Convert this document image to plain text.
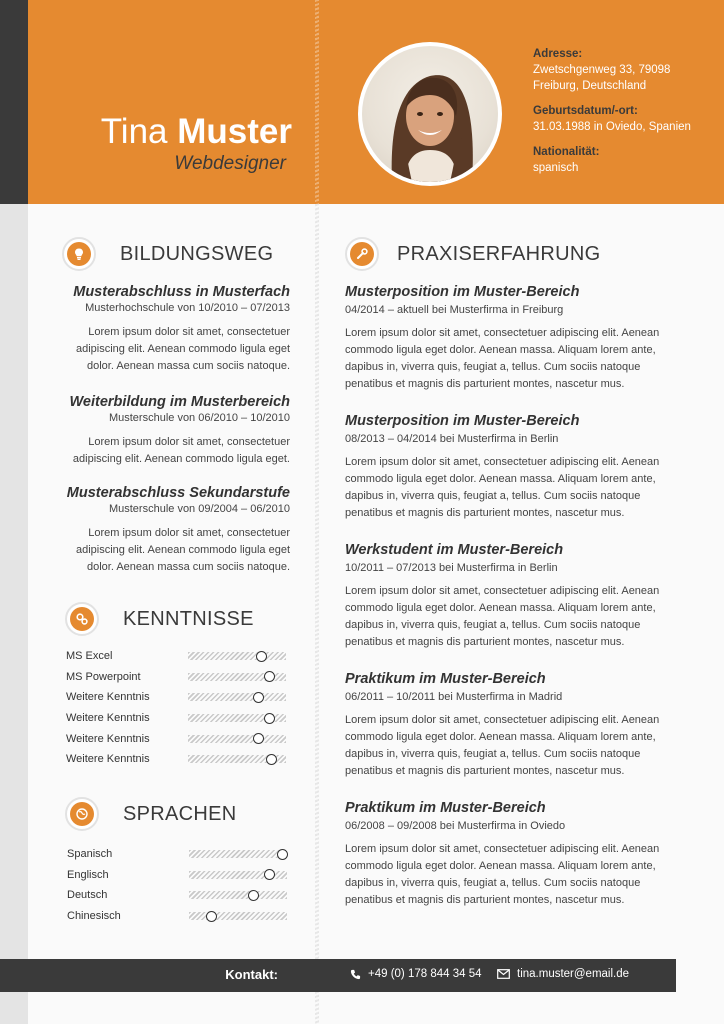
Tina Muster
Webdesigner
Adresse:
Zwetschgenweg 33, 79098 Freiburg, Deutschland
Geburtsdatum/-ort:
31.03.1988 in Oviedo, Spanien
Nationalität:
spanisch
BILDUNGSWEG
Musterabschluss in Musterfach
Musterhochschule von 10/2010 – 07/2013
Lorem ipsum dolor sit amet, consectetuer adipiscing elit. Aenean commodo ligula eget dolor. Aenean massa cum sociis natoque.
Weiterbildung im Musterbereich
Musterschule von 06/2010 – 10/2010
Lorem ipsum dolor sit amet, consectetuer adipiscing elit. Aenean commodo ligula eget.
Musterabschluss Sekundarstufe
Musterschule von 09/2004 – 06/2010
Lorem ipsum dolor sit amet, consectetuer adipiscing elit. Aenean commodo ligula eget dolor. Aenean massa cum sociis natoque.
KENNTNISSE
MS Excel
MS Powerpoint
Weitere Kenntnis
Weitere Kenntnis
Weitere Kenntnis
Weitere Kenntnis
SPRACHEN
Spanisch
Englisch
Deutsch
Chinesisch
PRAXISERFAHRUNG
Musterposition im Muster-Bereich
04/2014 – aktuell bei Musterfirma in Freiburg
Lorem ipsum dolor sit amet, consectetuer adipiscing elit. Aenean commodo ligula eget dolor. Aenean massa. Aliquam lorem ante, dapibus in, viverra quis, feugiat a, tellus. Cum sociis natoque penatibus et magnis dis parturient montes, nascetur mus.
Musterposition im Muster-Bereich
08/2013 – 04/2014 bei Musterfirma in Berlin
Lorem ipsum dolor sit amet, consectetuer adipiscing elit. Aenean commodo ligula eget dolor. Aenean massa. Aliquam lorem ante, dapibus in, viverra quis, feugiat a, tellus. Cum sociis natoque penatibus et magnis dis parturient montes, nascetur mus.
Werkstudent im Muster-Bereich
10/2011 – 07/2013 bei Musterfirma in Berlin
Lorem ipsum dolor sit amet, consectetuer adipiscing elit. Aenean commodo ligula eget dolor. Aenean massa. Aliquam lorem ante, dapibus in, viverra quis, feugiat a, tellus. Cum sociis natoque penatibus et magnis dis parturient montes, nascetur mus.
Praktikum im Muster-Bereich
06/2011 – 10/2011 bei Musterfirma in Madrid
Lorem ipsum dolor sit amet, consectetuer adipiscing elit. Aenean commodo ligula eget dolor. Aenean massa. Aliquam lorem ante, dapibus in, viverra quis, feugiat a, tellus. Cum sociis natoque penatibus et magnis dis parturient montes, nascetur mus.
Praktikum im Muster-Bereich
06/2008 – 09/2008 bei Musterfirma in Oviedo
Lorem ipsum dolor sit amet, consectetuer adipiscing elit. Aenean commodo ligula eget dolor. Aenean massa. Aliquam lorem ante, dapibus in, viverra quis, feugiat a, tellus. Cum sociis natoque penatibus et magnis dis parturient montes, nascetur mus.
Kontakt:	+49 (0) 178 844 34 54	tina.muster@email.de
